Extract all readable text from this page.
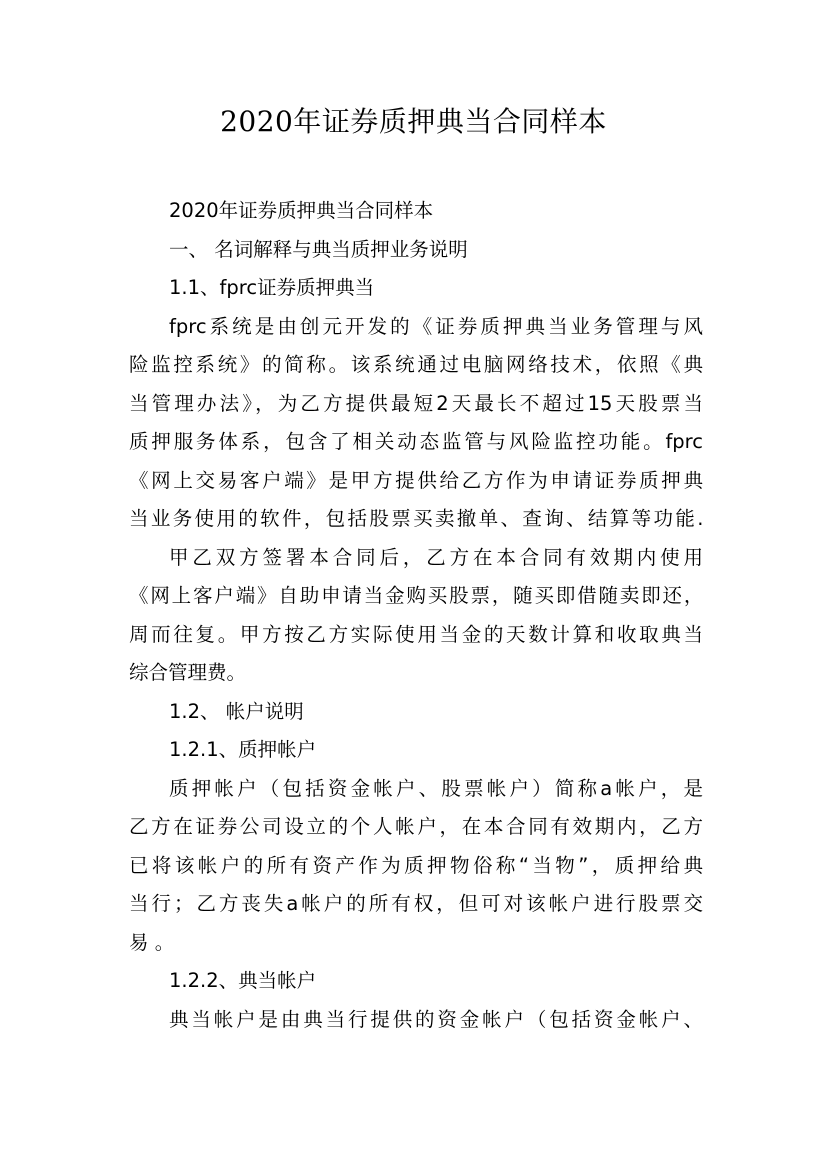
2020年证券质押典当合同样本

2020年证券质押典当合同样本

一、 名词解释与典当质押业务说明

1.1、fprc证券质押典当

fprc系统是由创元开发的《证券质押典当业务管理与风

险监控系统》的简称。该系统通过电脑网络技术，依照《典

当管理办法》，为乙方提供最短2天最长不超过15天股票当

质押服务体系，包含了相关动态监管与风险监控功能。fprc

《网上交易客户端》是甲方提供给乙方作为申请证券质押典

当业务使用的软件，包括股票买卖撤单、查询、结算等功能.

甲乙双方签署本合同后，乙方在本合同有效期内使用

《网上客户端》自助申请当金购买股票，随买即借随卖即还，

周而往复。甲方按乙方实际使用当金的天数计算和收取典当

综合管理费。

1.2、 帐户说明

1.2.1、质押帐户

质押帐户（包括资金帐户、股票帐户）简称a帐户，是

乙方在证券公司设立的个人帐户，在本合同有效期内，乙方

已将该帐户的所有资产作为质押物俗称“当物”，质押给典

当行；乙方丧失a帐户的所有权，但可对该帐户进行股票交

易 。

1.2.2、典当帐户

典当帐户是由典当行提供的资金帐户（包括资金帐户、
